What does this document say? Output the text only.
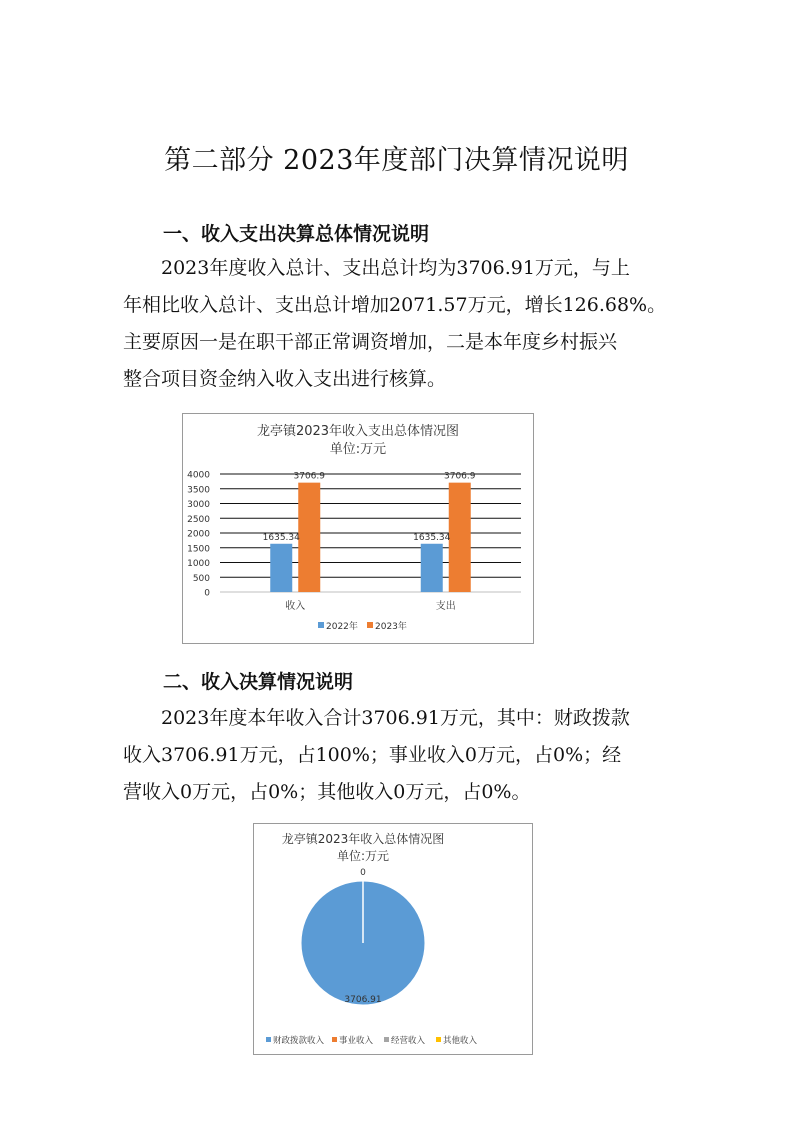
第二部分 2023年度部门决算情况说明
一、收入支出决算总体情况说明

2023年度收入总计、支出总计均为3706.91万元，与上
年相比收入总计、支出总计增加2071.57万元，增长126.68%。
主要原因一是在职干部正常调资增加，二是本年度乡村振兴
整合项目资金纳入收入支出进行核算。

龙亭镇2023年收入支出总体情况图
单位:万元
0
500
1000
1500
2000
2500
3000
3500
4000
1635.34
3706.9
1635.34
3706.9
收入	支出
2022年 2023年
二、收入决算情况说明

2023年度本年收入合计3706.91万元，其中：财政拨款
收入3706.91万元，占100%；事业收入0万元，占0%；经
营收入0万元，占0%；其他收入0万元，占0%。

龙亭镇2023年收入总体情况图
单位:万元
3706.91
0
财政拨款收入 事业收入 经营收入 其他收入
